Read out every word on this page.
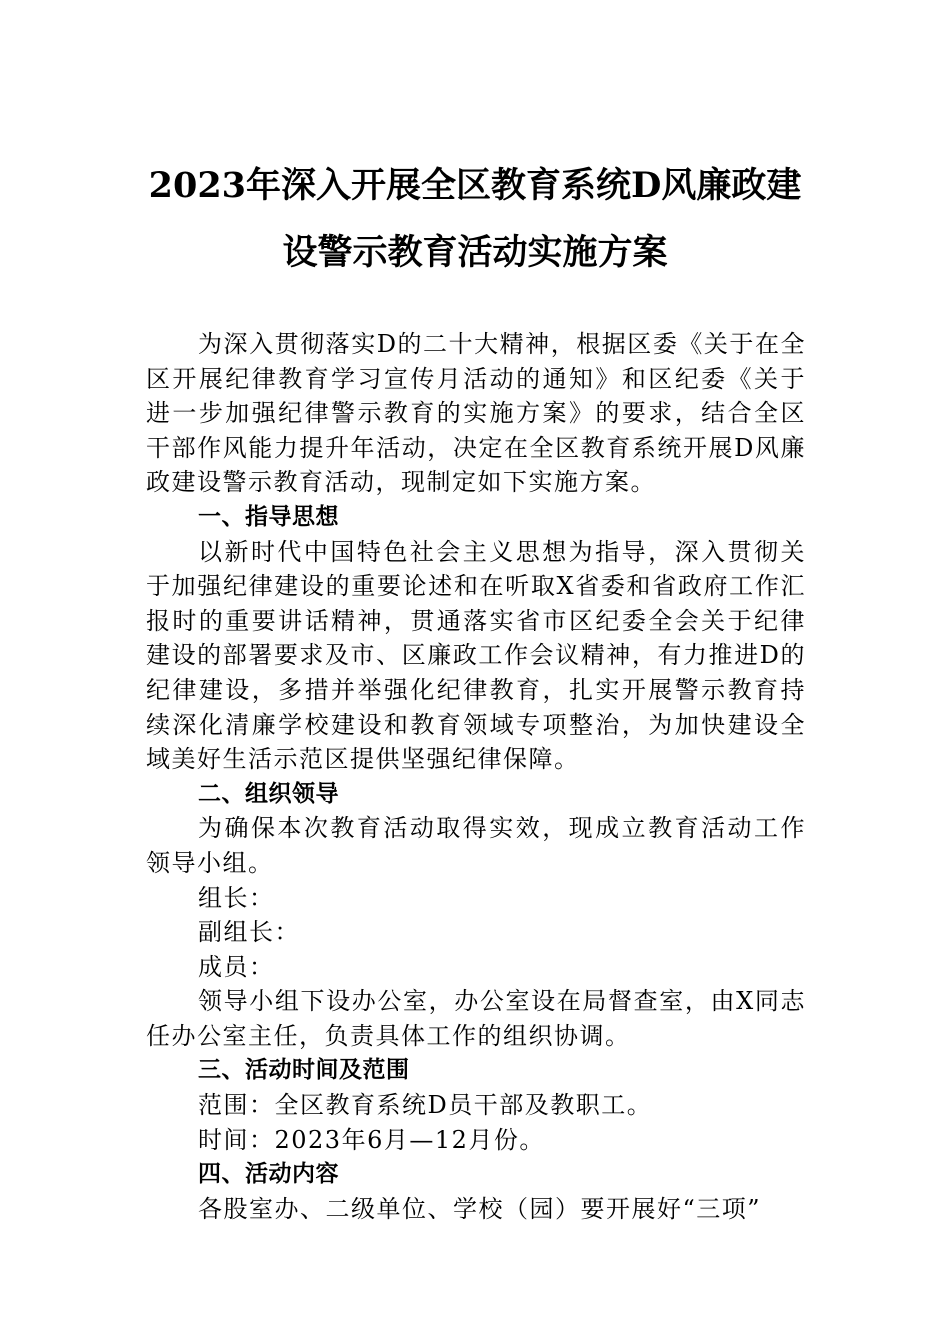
2023年深入开展全区教育系统D风廉政建
设警示教育活动实施方案

为深入贯彻落实D的二十大精神，根据区委《关于在全区开展纪律教育学习宣传月活动的通知》和区纪委《关于进一步加强纪律警示教育的实施方案》的要求，结合全区干部作风能力提升年活动，决定在全区教育系统开展D风廉政建设警示教育活动，现制定如下实施方案。

一、指导思想

以新时代中国特色社会主义思想为指导，深入贯彻关于加强纪律建设的重要论述和在听取X省委和省政府工作汇报时的重要讲话精神，贯通落实省市区纪委全会关于纪律建设的部署要求及市、区廉政工作会议精神，有力推进D的纪律建设，多措并举强化纪律教育，扎实开展警示教育持续深化清廉学校建设和教育领域专项整治，为加快建设全域美好生活示范区提供坚强纪律保障。

二、组织领导

为确保本次教育活动取得实效，现成立教育活动工作领导小组。

组长：

副组长：

成员：

领导小组下设办公室，办公室设在局督查室，由X同志任办公室主任，负责具体工作的组织协调。

三、活动时间及范围

范围：全区教育系统D员干部及教职工。

时间：2023年6月—12月份。

四、活动内容

各股室办、二级单位、学校（园）要开展好“三项”
